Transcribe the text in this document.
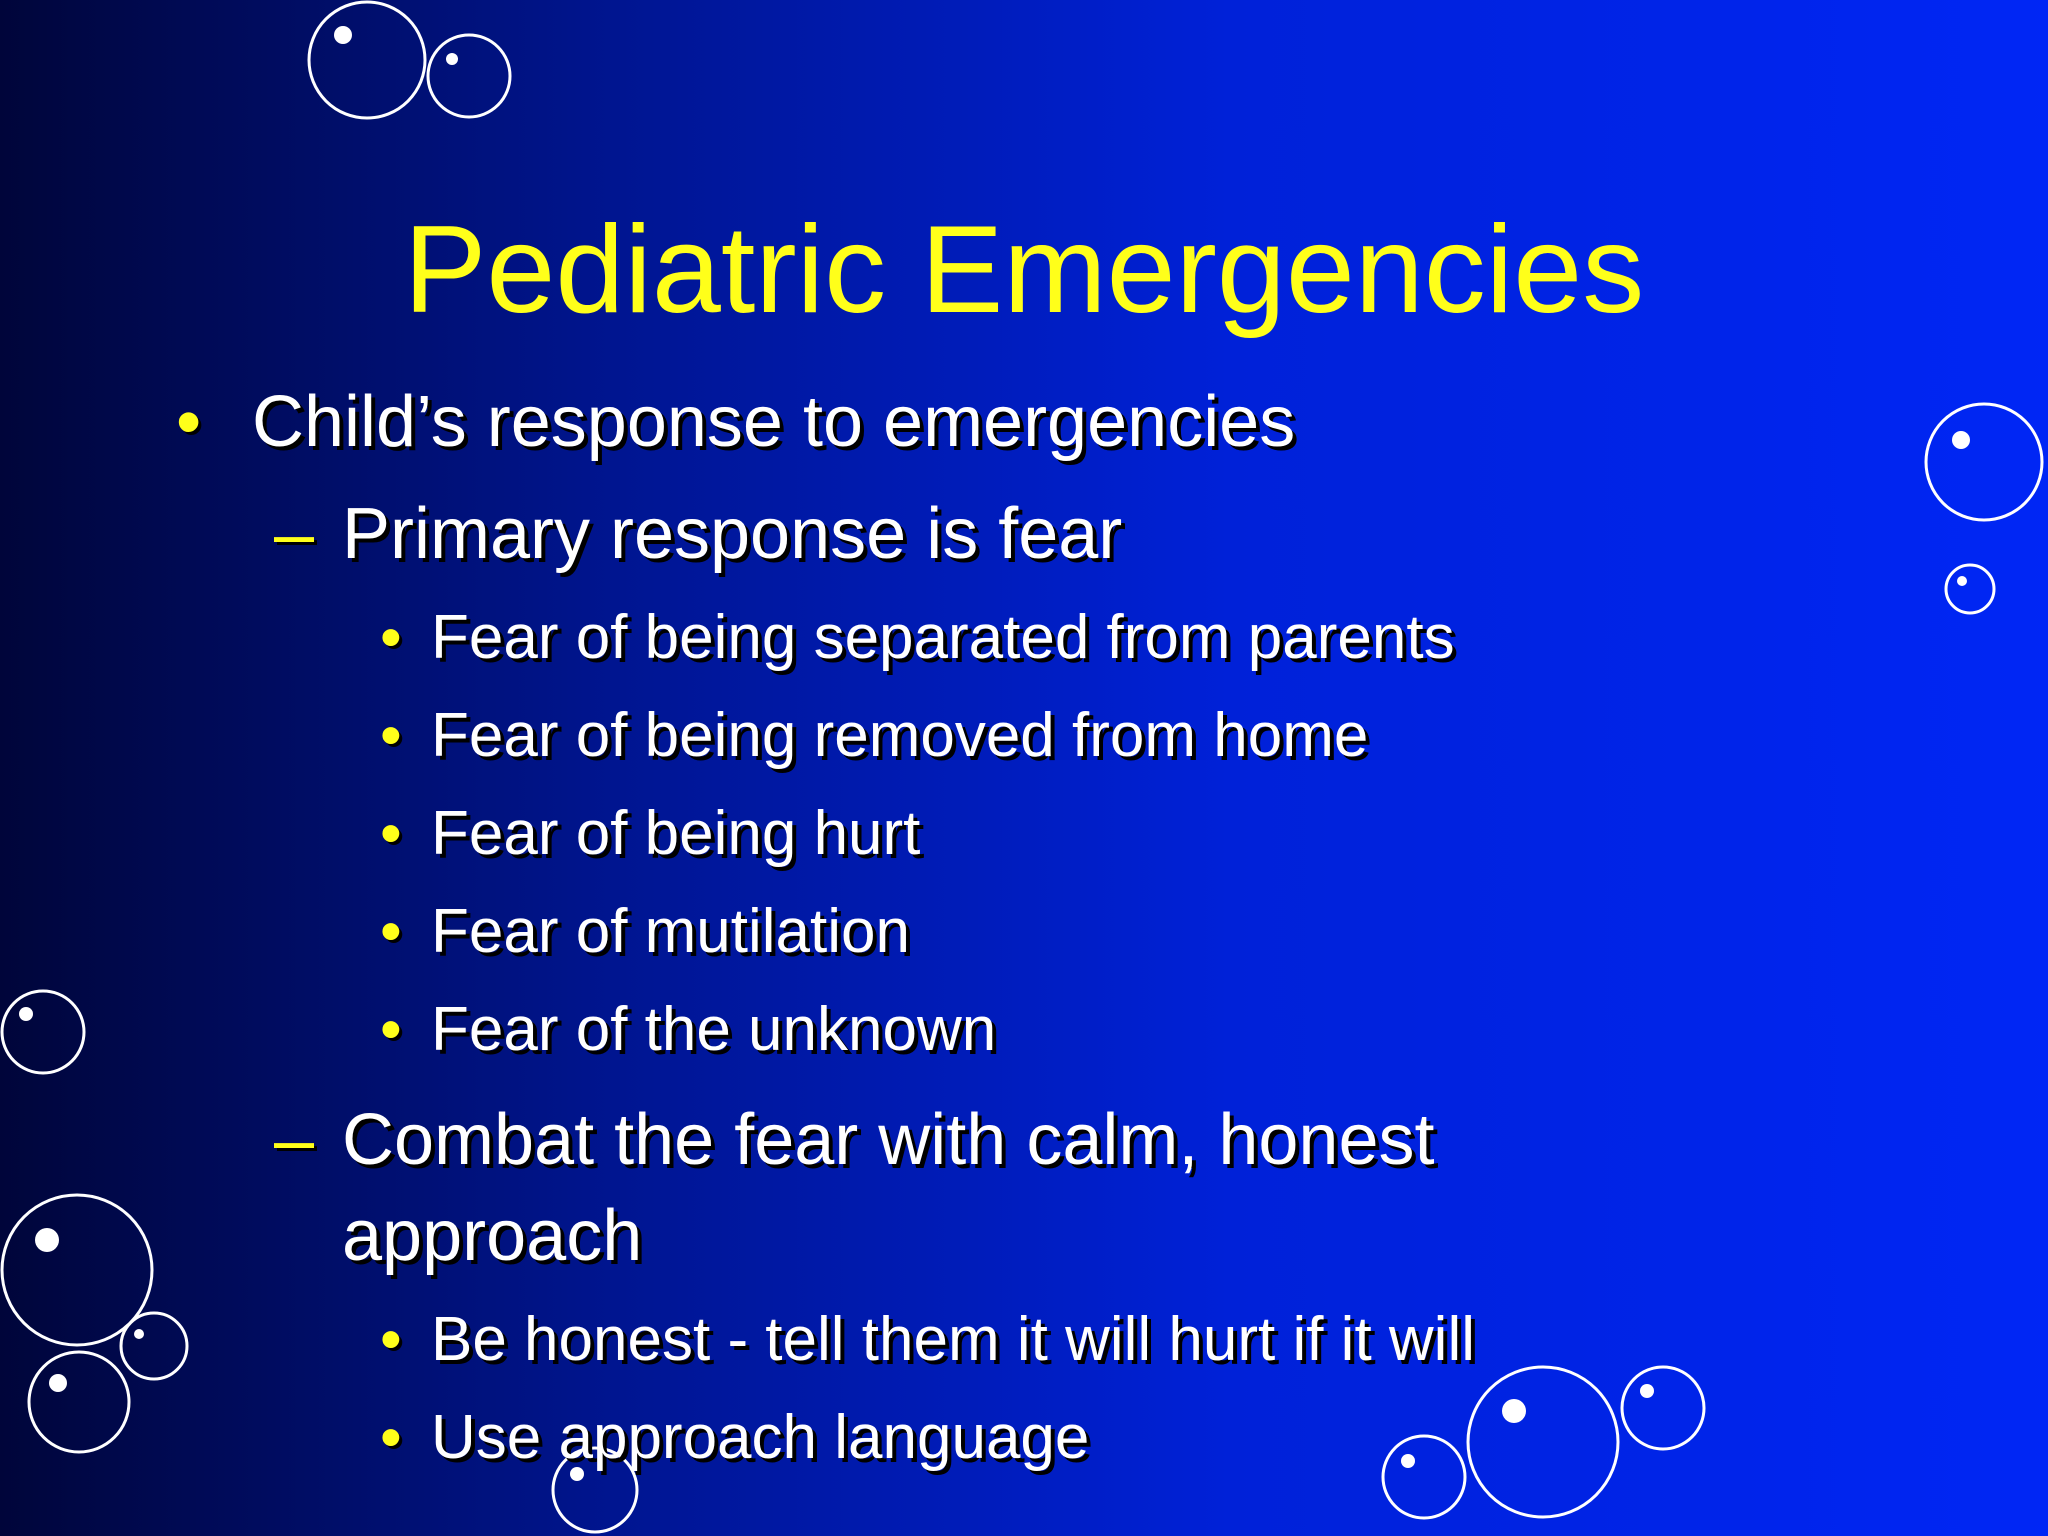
Pediatric Emergencies
• Child’s response to emergencies
– Primary response is fear
• Fear of being separated from parents
• Fear of being removed from home
• Fear of being hurt
• Fear of mutilation
• Fear of the unknown
– Combat the fear with calm, honest
approach
• Be honest - tell them it will hurt if it will
• Use approach language
